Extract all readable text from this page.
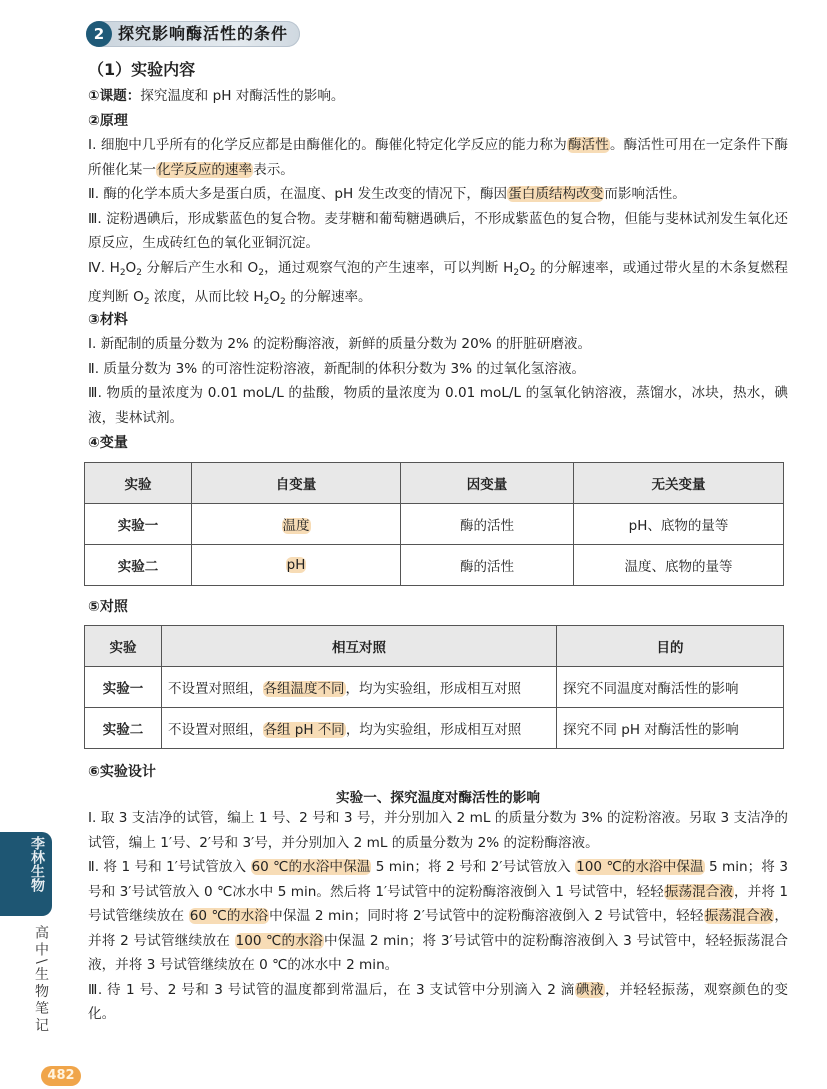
2 探究影响酶活性的条件
（1）实验内容
①课题：探究温度和 pH 对酶活性的影响。
②原理
Ⅰ. 细胞中几乎所有的化学反应都是由酶催化的。酶催化特定化学反应的能力称为酶活性。酶活性可用在一定条件下酶所催化某一化学反应的速率表示。
Ⅱ. 酶的化学本质大多是蛋白质，在温度、pH 发生改变的情况下，酶因蛋白质结构改变而影响活性。
Ⅲ. 淀粉遇碘后，形成紫蓝色的复合物。麦芽糖和葡萄糖遇碘后，不形成紫蓝色的复合物，但能与斐林试剂发生氧化还原反应，生成砖红色的氧化亚铜沉淀。
Ⅳ. $H_2O_2$ 分解后产生水和 $O_2$，通过观察气泡的产生速率，可以判断 $H_2O_2$ 的分解速率，或通过带火星的木条复燃程度判断 $O_2$ 浓度，从而比较 $H_2O_2$ 的分解速率。
③材料
Ⅰ. 新配制的质量分数为 2% 的淀粉酶溶液，新鲜的质量分数为 20% 的肝脏研磨液。
Ⅱ. 质量分数为 3% 的可溶性淀粉溶液，新配制的体积分数为 3% 的过氧化氢溶液。
Ⅲ. 物质的量浓度为 0.01 moL/L 的盐酸，物质的量浓度为 0.01 moL/L 的氢氧化钠溶液，蒸馏水，冰块，热水，碘液，斐林试剂。
④变量
实验	自变量	因变量	无关变量
实验一	温度	酶的活性	pH、底物的量等
实验二	pH	酶的活性	温度、底物的量等
⑤对照
实验	相互对照	目的
实验一	不设置对照组，各组温度不同，均为实验组，形成相互对照	探究不同温度对酶活性的影响
实验二	不设置对照组，各组 pH 不同，均为实验组，形成相互对照	探究不同 pH 对酶活性的影响
⑥实验设计
实验一、探究温度对酶活性的影响
Ⅰ. 取 3 支洁净的试管，编上 1 号、2 号和 3 号，并分别加入 2 mL 的质量分数为 3% 的淀粉溶液。另取 3 支洁净的试管，编上 1′号、2′号和 3′号，并分别加入 2 mL 的质量分数为 2% 的淀粉酶溶液。
Ⅱ. 将 1 号和 1′号试管放入 60 ℃的水浴中保温 5 min；将 2 号和 2′号试管放入 100 ℃的水浴中保温 5 min；将 3 号和 3′号试管放入 0 ℃冰水中 5 min。然后将 1′号试管中的淀粉酶溶液倒入 1 号试管中，轻轻振荡混合液，并将 1 号试管继续放在 60 ℃的水浴中保温 2 min；同时将 2′号试管中的淀粉酶溶液倒入 2 号试管中，轻轻振荡混合液，并将 2 号试管继续放在 100 ℃的水浴中保温 2 min；将 3′号试管中的淀粉酶溶液倒入 3 号试管中，轻轻振荡混合液，并将 3 号试管继续放在 0 ℃的冰水中 2 min。
Ⅲ. 待 1 号、2 号和 3 号试管的温度都到常温后，在 3 支试管中分别滴入 2 滴碘液，并轻轻振荡，观察颜色的变化。
李林生物
高中\生物笔记
482
